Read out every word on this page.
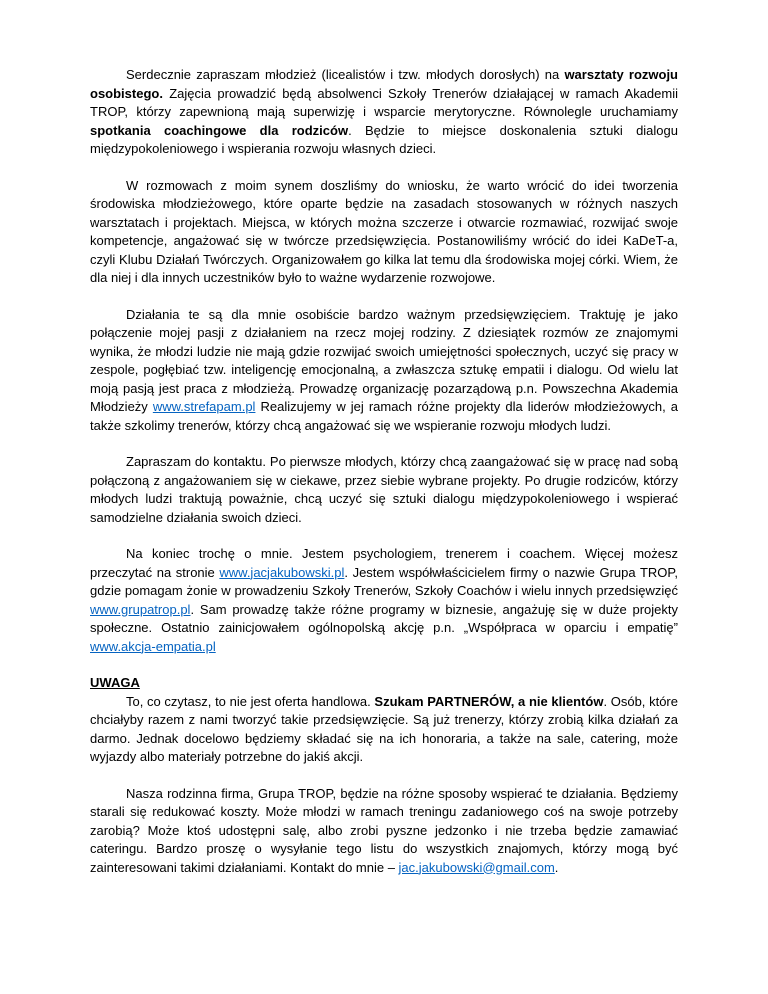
Serdecznie zapraszam młodzież (licealistów i tzw. młodych dorosłych) na warsztaty rozwoju osobistego. Zajęcia prowadzić będą absolwenci Szkoły Trenerów działającej w ramach Akademii TROP, którzy zapewnioną mają superwizję i wsparcie merytoryczne. Równolegle uruchamiamy spotkania coachingowe dla rodziców. Będzie to miejsce doskonalenia sztuki dialogu międzypokoleniowego i wspierania rozwoju własnych dzieci.

W rozmowach z moim synem doszliśmy do wniosku, że warto wrócić do idei tworzenia środowiska młodzieżowego, które oparte będzie na zasadach stosowanych w różnych naszych warsztatach i projektach. Miejsca, w których można szczerze i otwarcie rozmawiać, rozwijać swoje kompetencje, angażować się w twórcze przedsięwzięcia. Postanowiliśmy wrócić do idei KaDeT-a, czyli Klubu Działań Twórczych. Organizowałem go kilka lat temu dla środowiska mojej córki. Wiem, że dla niej i dla innych uczestników było to ważne wydarzenie rozwojowe.

Działania te są dla mnie osobiście bardzo ważnym przedsięwzięciem. Traktuję je jako połączenie mojej pasji z działaniem na rzecz mojej rodziny. Z dziesiątek rozmów ze znajomymi wynika, że młodzi ludzie nie mają gdzie rozwijać swoich umiejętności społecznych, uczyć się pracy w zespole, pogłębiać tzw. inteligencję emocjonalną, a zwłaszcza sztukę empatii i dialogu. Od wielu lat moją pasją jest praca z młodzieżą. Prowadzę organizację pozarządową p.n. Powszechna Akademia Młodzieży www.strefapam.pl Realizujemy w jej ramach różne projekty dla liderów młodzieżowych, a także szkolimy trenerów, którzy chcą angażować się we wspieranie rozwoju młodych ludzi.

Zapraszam do kontaktu. Po pierwsze młodych, którzy chcą zaangażować się w pracę nad sobą połączoną z angażowaniem się w ciekawe, przez siebie wybrane projekty. Po drugie rodziców, którzy młodych ludzi traktują poważnie, chcą uczyć się sztuki dialogu międzypokoleniowego i wspierać samodzielne działania swoich dzieci.

Na koniec trochę o mnie. Jestem psychologiem, trenerem i coachem. Więcej możesz przeczytać na stronie www.jacjakubowski.pl. Jestem współwłaścicielem firmy o nazwie Grupa TROP, gdzie pomagam żonie w prowadzeniu Szkoły Trenerów, Szkoły Coachów i wielu innych przedsięwzięć www.grupatrop.pl. Sam prowadzę także różne programy w biznesie, angażuję się w duże projekty społeczne. Ostatnio zainicjowałem ogólnopolską akcję p.n. „Współpraca w oparciu i empatię” www.akcja-empatia.pl

UWAGA

To, co czytasz, to nie jest oferta handlowa. Szukam PARTNERÓW, a nie klientów. Osób, które chciałyby razem z nami tworzyć takie przedsięwzięcie. Są już trenerzy, którzy zrobią kilka działań za darmo. Jednak docelowo będziemy składać się na ich honoraria, a także na sale, catering, może wyjazdy albo materiały potrzebne do jakiś akcji.

Nasza rodzinna firma, Grupa TROP, będzie na różne sposoby wspierać te działania. Będziemy starali się redukować koszty. Może młodzi w ramach treningu zadaniowego coś na swoje potrzeby zarobią? Może ktoś udostępni salę, albo zrobi pyszne jedzonko i nie trzeba będzie zamawiać cateringu. Bardzo proszę o wysyłanie tego listu do wszystkich znajomych, którzy mogą być zainteresowani takimi działaniami. Kontakt do mnie – jac.jakubowski@gmail.com.
